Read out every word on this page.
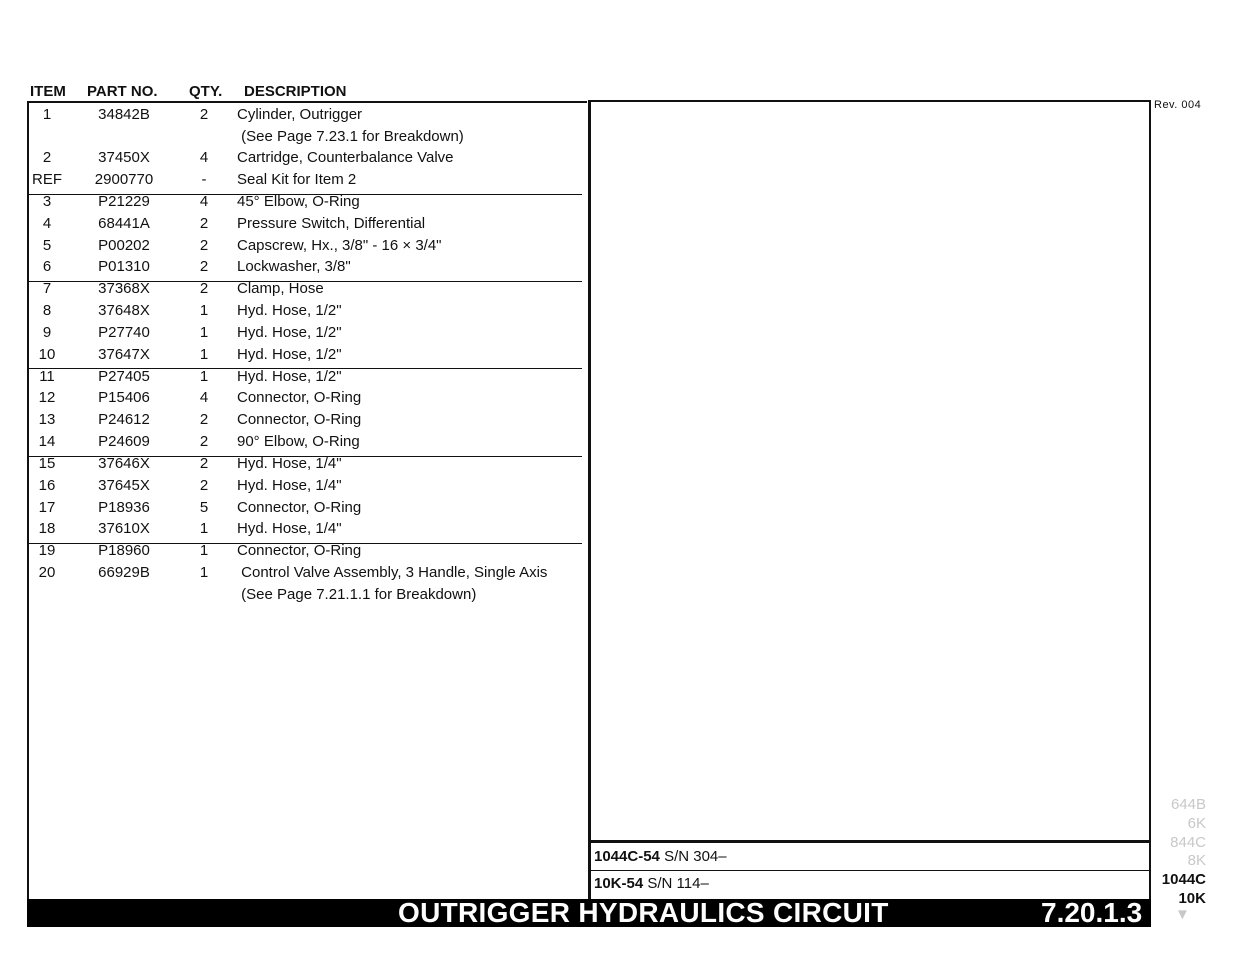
ITEM PART NO. QTY. DESCRIPTION
1044C-54 S/N 304–
10K-54 S/N 114–
Rev. 004
1	34842B	2	Cylinder, Outrigger
(See Page 7.23.1 for Breakdown)
2	37450X	4	Cartridge, Counterbalance Valve
REF	2900770	-	Seal Kit for Item 2
3	P21229	4	45° Elbow, O-Ring
4	68441A	2	Pressure Switch, Differential
5	P00202	2	Capscrew, Hx., 3/8" - 16 × 3/4"
6	P01310	2	Lockwasher, 3/8"
7	37368X	2	Clamp, Hose
8	37648X	1	Hyd. Hose, 1/2"
9	P27740	1	Hyd. Hose, 1/2"
10	37647X	1	Hyd. Hose, 1/2"
11	P27405	1	Hyd. Hose, 1/2"
12	P15406	4	Connector, O-Ring
13	P24612	2	Connector, O-Ring
14	P24609	2	90° Elbow, O-Ring
15	37646X	2	Hyd. Hose, 1/4"
16	37645X	2	Hyd. Hose, 1/4"
17	P18936	5	Connector, O-Ring
18	37610X	1	Hyd. Hose, 1/4"
19	P18960	1	Connector, O-Ring
20	66929B	1	Control Valve Assembly, 3 Handle, Single Axis
(See Page 7.21.1.1 for Breakdown)
644B
6K
844C
8K
1044C
10K
▼
OUTRIGGER HYDRAULICS CIRCUIT	7.20.1.3
